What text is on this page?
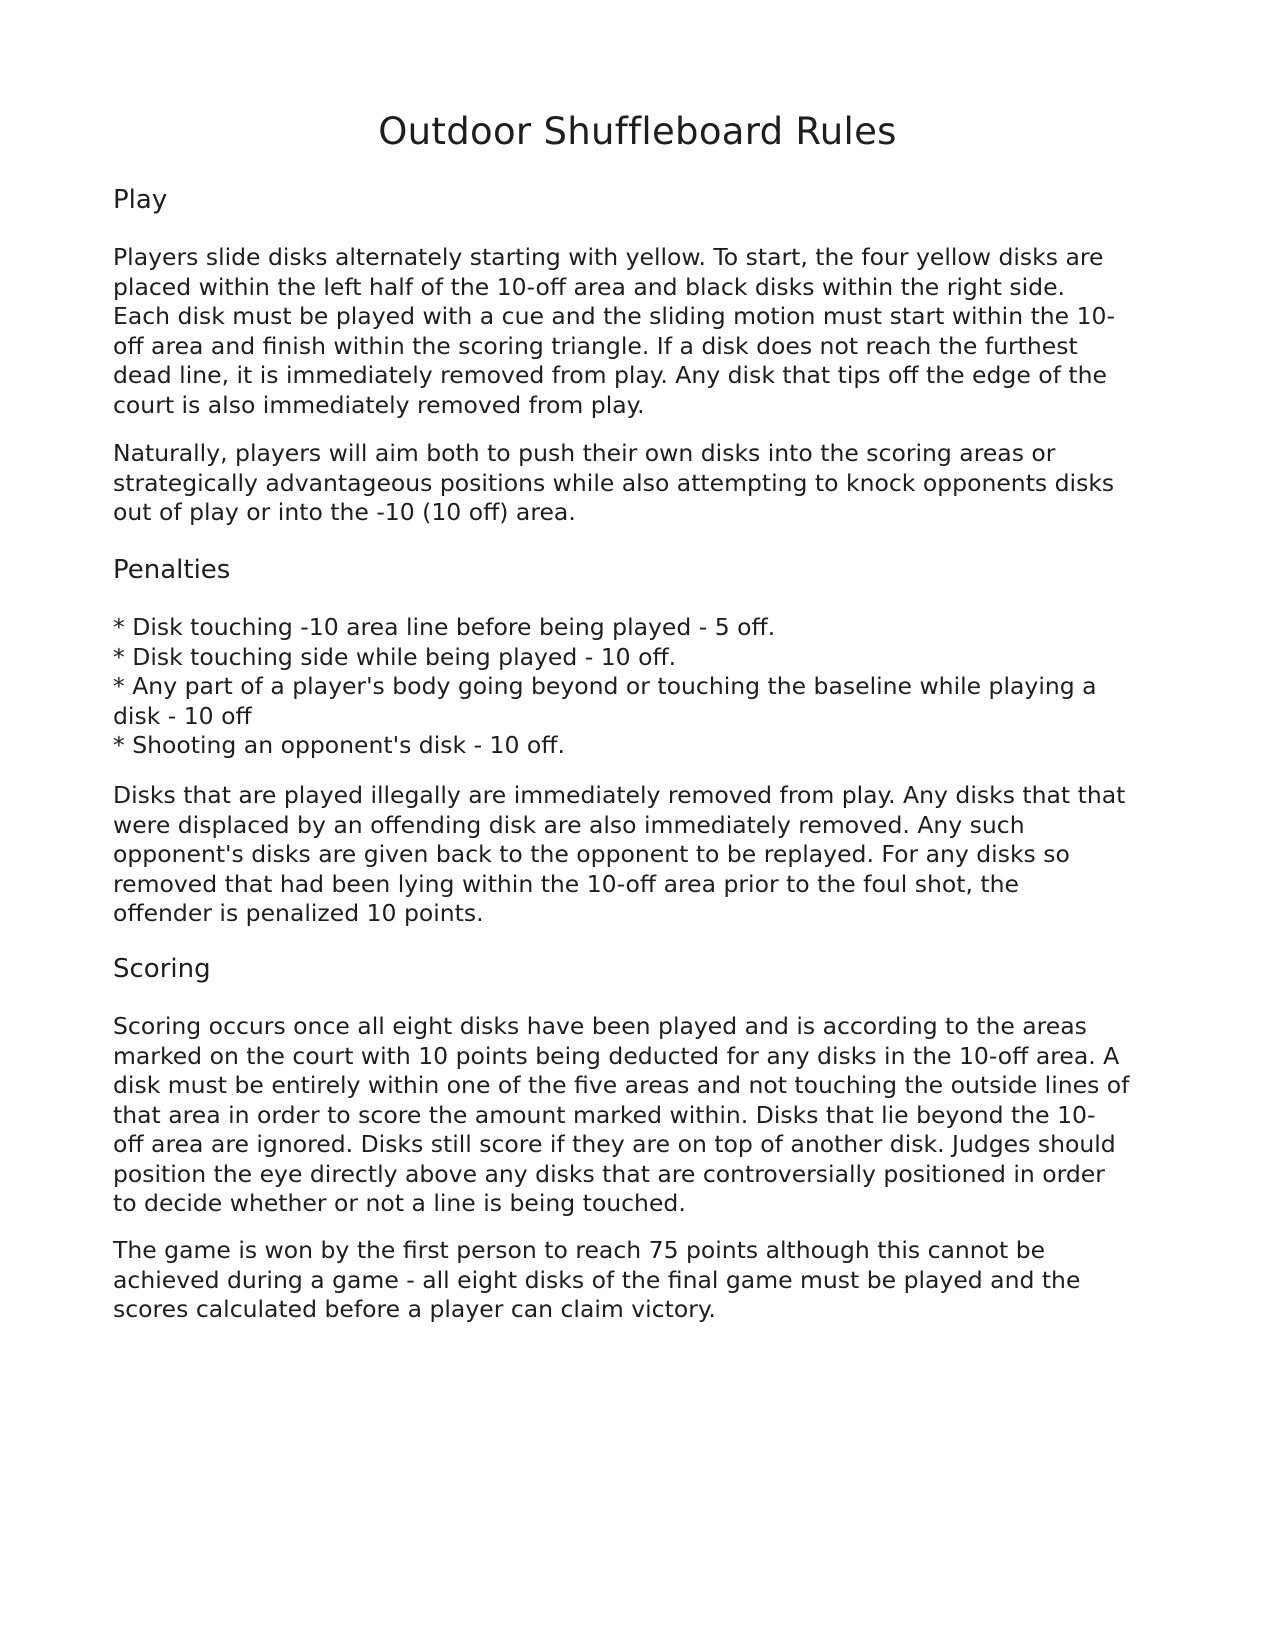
Outdoor Shuffleboard Rules
Play

Players slide disks alternately starting with yellow. To start, the four yellow disks are
placed within the left half of the 10-off area and black disks within the right side.
Each disk must be played with a cue and the sliding motion must start within the 10-
off area and finish within the scoring triangle. If a disk does not reach the furthest
dead line, it is immediately removed from play. Any disk that tips off the edge of the
court is also immediately removed from play.

Naturally, players will aim both to push their own disks into the scoring areas or
strategically advantageous positions while also attempting to knock opponents disks
out of play or into the -10 (10 off) area.

Penalties

* Disk touching -10 area line before being played - 5 off.
* Disk touching side while being played - 10 off.
* Any part of a player's body going beyond or touching the baseline while playing a
disk - 10 off
* Shooting an opponent's disk - 10 off.

Disks that are played illegally are immediately removed from play. Any disks that that
were displaced by an offending disk are also immediately removed. Any such
opponent's disks are given back to the opponent to be replayed. For any disks so
removed that had been lying within the 10-off area prior to the foul shot, the
offender is penalized 10 points.

Scoring

Scoring occurs once all eight disks have been played and is according to the areas
marked on the court with 10 points being deducted for any disks in the 10-off area. A
disk must be entirely within one of the five areas and not touching the outside lines of
that area in order to score the amount marked within. Disks that lie beyond the 10-
off area are ignored. Disks still score if they are on top of another disk. Judges should
position the eye directly above any disks that are controversially positioned in order
to decide whether or not a line is being touched.

The game is won by the first person to reach 75 points although this cannot be
achieved during a game - all eight disks of the final game must be played and the
scores calculated before a player can claim victory.
